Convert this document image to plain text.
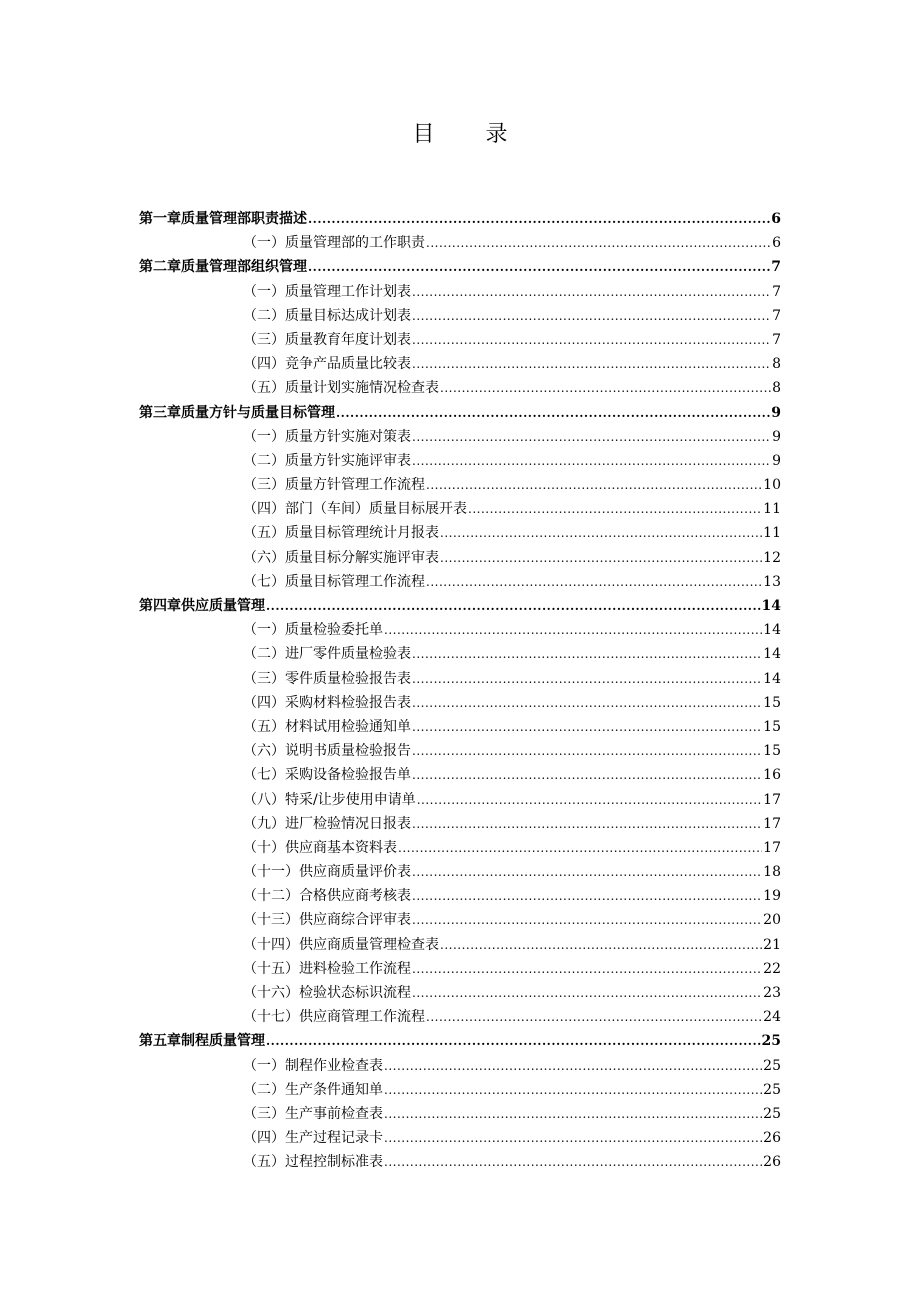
目 录
第一章 质量管理部职责描述 .....	6
（一）质量管理部的工作职责 .....	6
第二章 质量管理部组织管理 .....	7
（一）质量管理工作计划表 .....	7
（二）质量目标达成计划表 .....	7
（三）质量教育年度计划表 .....	7
（四）竞争产品质量比较表 .....	8
（五）质量计划实施情况检查表 .....	8
第三章 质量方针与质量目标管理 .....	9
（一）质量方针实施对策表 .....	9
（二）质量方针实施评审表 .....	9
（三）质量方针管理工作流程 .....	10
（四）部门（车间）质量目标展开表 .....	11
（五）质量目标管理统计月报表 .....	11
（六）质量目标分解实施评审表 .....	12
（七）质量目标管理工作流程 .....	13
第四章 供应质量管理 .....	14
（一）质量检验委托单 .....	14
（二）进厂零件质量检验表 .....	14
（三）零件质量检验报告表 .....	14
（四）采购材料检验报告表 .....	15
（五）材料试用检验通知单 .....	15
（六）说明书质量检验报告 .....	15
（七）采购设备检验报告单 .....	16
（八）特采/让步使用申请单 .....	17
（九）进厂检验情况日报表 .....	17
（十）供应商基本资料表 .....	17
（十一）供应商质量评价表 .....	18
（十二）合格供应商考核表 .....	19
（十三）供应商综合评审表 .....	20
（十四）供应商质量管理检查表 .....	21
（十五）进料检验工作流程 .....	22
（十六）检验状态标识流程 .....	23
（十七）供应商管理工作流程 .....	24
第五章 制程质量管理 .....	25
（一）制程作业检查表 .....	25
（二）生产条件通知单 .....	25
（三）生产事前检查表 .....	25
（四）生产过程记录卡 .....	26
（五）过程控制标准表 .....	26
